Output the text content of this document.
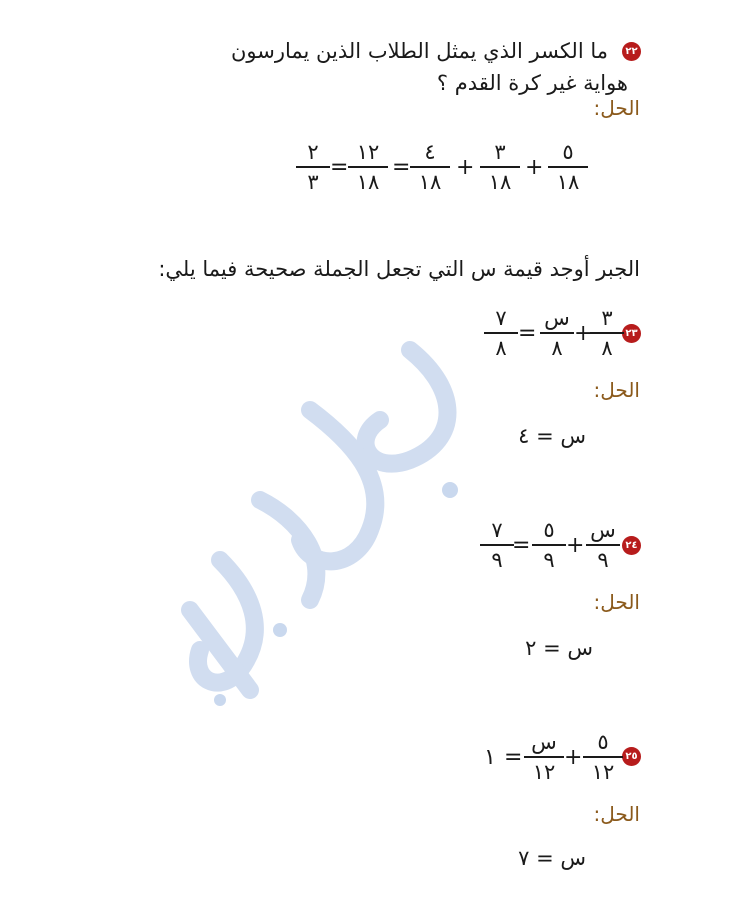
٢٢
ما الكسر الذي يمثل الطلاب الذين يمارسون
هواية غير كرة القدم ؟
الحل:
٥
١٨
+
٣
١٨
+
٤
١٨
=
١٢
١٨
=
٢
٣
الجبر أوجد قيمة س التي تجعل الجملة صحيحة فيما يلي:
٢٣
٣
٨
+
س
٨
=
٧
٨
الحل:
س = ٤
٢٤
س
٩
+
٥
٩
=
٧
٩
الحل:
س = ٢
٢٥
٥
١٢
+
س
١٢
=
١
الحل:
س = ٧
